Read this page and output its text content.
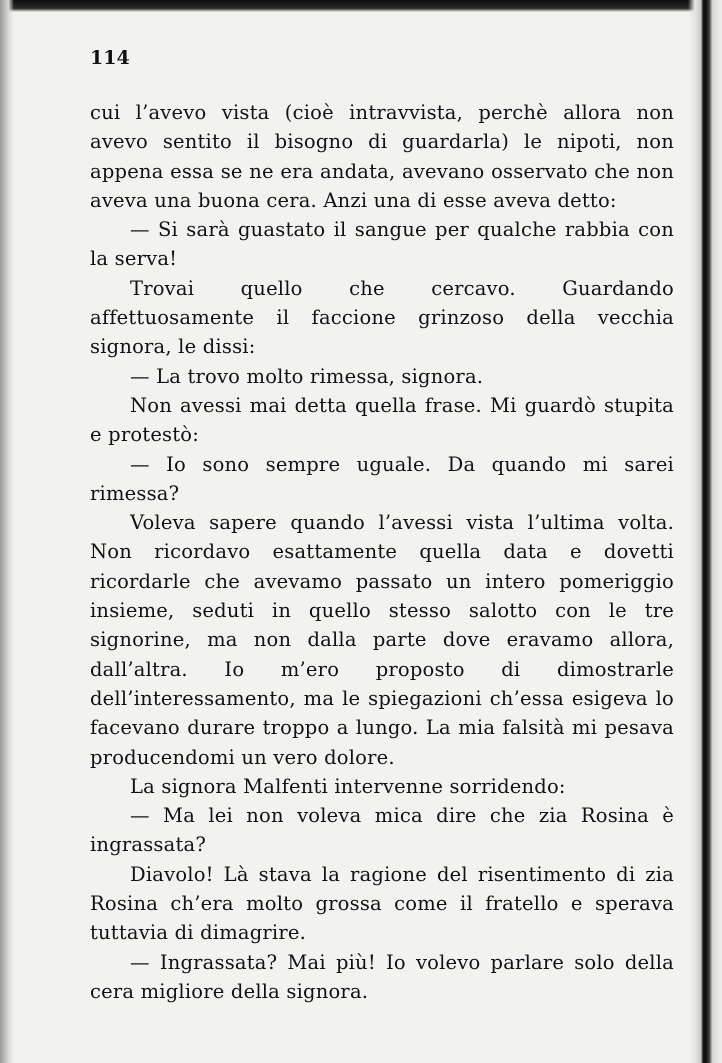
114

cui l’avevo vista (cioè intravvista, perchè allora non avevo sentito il bisogno di guardarla) le nipoti, non appena essa se ne era andata, avevano osservato che non aveva una buona cera. Anzi una di esse aveva detto:

— Si sarà guastato il sangue per qualche rabbia con la serva!

Trovai quello che cercavo. Guardando affettuosamente il faccione grinzoso della vecchia signora, le dissi:

— La trovo molto rimessa, signora.

Non avessi mai detta quella frase. Mi guardò stupita e protestò:

— Io sono sempre uguale. Da quando mi sarei rimessa?

Voleva sapere quando l’avessi vista l’ultima volta. Non ricordavo esattamente quella data e dovetti ricordarle che avevamo passato un intero pomeriggio insieme, seduti in quello stesso salotto con le tre signorine, ma non dalla parte dove eravamo allora, dall’altra. Io m’ero proposto di dimostrarle dell’interessamento, ma le spiegazioni ch’essa esigeva lo facevano durare troppo a lungo. La mia falsità mi pesava producendomi un vero dolore.

La signora Malfenti intervenne sorridendo:

— Ma lei non voleva mica dire che zia Rosina è ingrassata?

Diavolo! Là stava la ragione del risentimento di zia Rosina ch’era molto grossa come il fratello e sperava tuttavia di dimagrire.

— Ingrassata? Mai più! Io volevo parlare solo della cera migliore della signora.
